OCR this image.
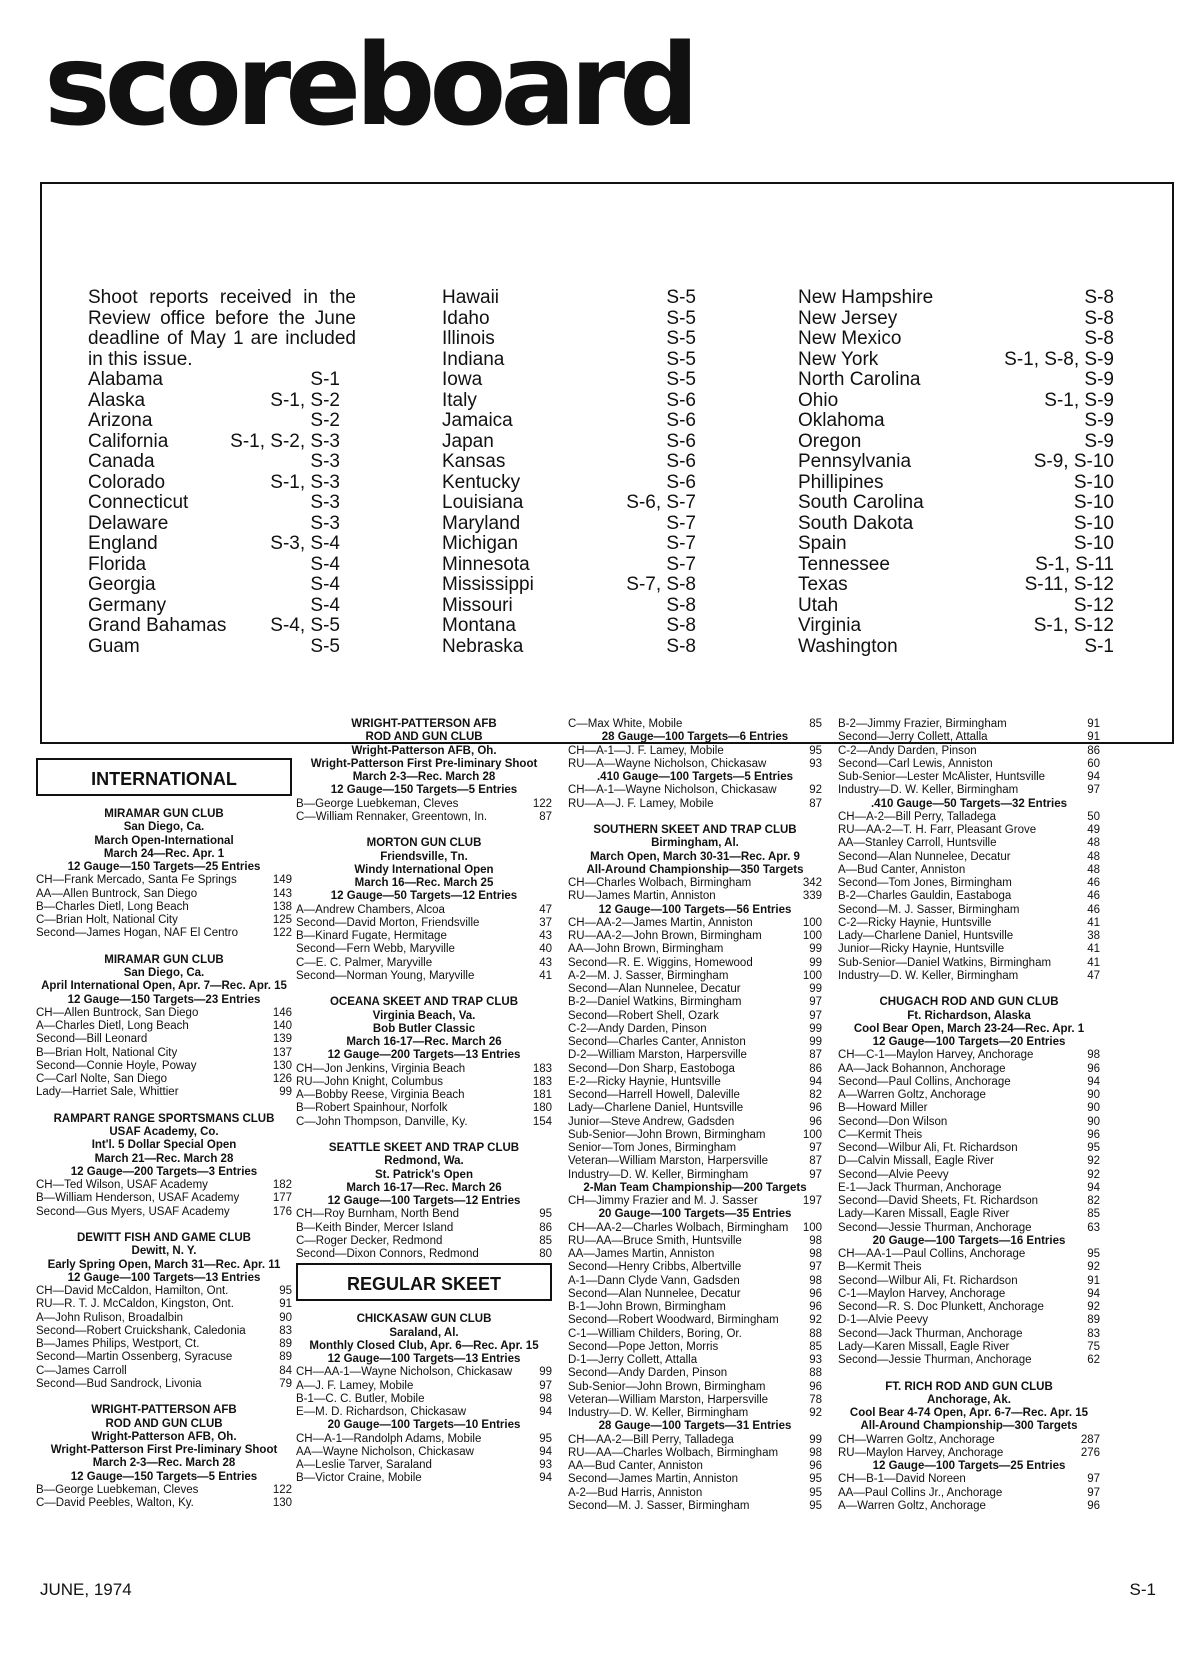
scoreboard
Shoot reports received in the Review office before the June deadline of May 1 are included in this issue.
Alabama	S-1
Alaska	S-1, S-2
Arizona	S-2
California	S-1, S-2, S-3
Canada	S-3
Colorado	S-1, S-3
Connecticut	S-3
Delaware	S-3
England	S-3, S-4
Florida	S-4
Georgia	S-4
Germany	S-4
Grand Bahamas S-4, S-5
Guam	S-5
Hawaii	S-5
Idaho	S-5
Illinois	S-5
Indiana	S-5
Iowa	S-5
Italy	S-6
Jamaica	S-6
Japan	S-6
Kansas	S-6
Kentucky	S-6
Louisiana	S-6, S-7
Maryland	S-7
Michigan	S-7
Minnesota	S-7
Mississippi	S-7, S-8
Missouri	S-8
Montana	S-8
Nebraska	S-8
New Hampshire	S-8
New Jersey	S-8
New Mexico	S-8
New York	S-1, S-8, S-9
North Carolina	S-9
Ohio	S-1, S-9
Oklahoma	S-9
Oregon	S-9
Pennsylvania	S-9, S-10
Phillipines	S-10
South Carolina	S-10
South Dakota	S-10
Spain	S-10
Tennessee	S-1, S-11
Texas	S-11, S-12
Utah	S-12
Virginia	S-1, S-12
Washington	S-1
INTERNATIONAL
MIRAMAR GUN CLUB
San Diego, Ca.
March Open-International
March 24—Rec. Apr. 1
12 Gauge—150 Targets—25 Entries
CH—Frank Mercado, Santa Fe Springs	149
AA—Allen Buntrock, San Diego	143
B—Charles Dietl, Long Beach	138
C—Brian Holt, National City	125
Second—James Hogan, NAF El Centro	122
MIRAMAR GUN CLUB
San Diego, Ca.
April International Open, Apr. 7—Rec. Apr. 15
12 Gauge—150 Targets—23 Entries
CH—Allen Buntrock, San Diego	146
A—Charles Dietl, Long Beach	140
Second—Bill Leonard	139
B—Brian Holt, National City	137
Second—Connie Hoyle, Poway	130
C—Carl Nolte, San Diego	126
Lady—Harriet Sale, Whittier	99
RAMPART RANGE SPORTSMANS CLUB
USAF Academy, Co.
Int'l. 5 Dollar Special Open
March 21—Rec. March 28
12 Gauge—200 Targets—3 Entries
CH—Ted Wilson, USAF Academy	182
B—William Henderson, USAF Academy	177
Second—Gus Myers, USAF Academy	176
DEWITT FISH AND GAME CLUB
Dewitt, N. Y.
Early Spring Open, March 31—Rec. Apr. 11
12 Gauge—100 Targets—13 Entries
CH—David McCaldon, Hamilton, Ont.	95
RU—R. T. J. McCaldon, Kingston, Ont.	91
A—John Rulison, Broadalbin	90
Second—Robert Cruickshank, Caledonia	83
B—James Philips, Westport, Ct.	89
Second—Martin Ossenberg, Syracuse	89
C—James Carroll	84
Second—Bud Sandrock, Livonia	79
WRIGHT-PATTERSON AFB
ROD AND GUN CLUB
Wright-Patterson AFB, Oh.
Wright-Patterson First Pre-liminary Shoot
March 2-3—Rec. March 28
12 Gauge—150 Targets—5 Entries
B—George Luebkeman, Cleves	122
C—David Peebles, Walton, Ky.	130
WRIGHT-PATTERSON AFB
ROD AND GUN CLUB
Wright-Patterson AFB, Oh.
Wright-Patterson First Pre-liminary Shoot
March 2-3—Rec. March 28
12 Gauge—150 Targets—5 Entries
B—George Luebkeman, Cleves	122
C—William Rennaker, Greentown, In.	87
MORTON GUN CLUB
Friendsville, Tn.
Windy International Open
March 16—Rec. March 25
12 Gauge—50 Targets—12 Entries
A—Andrew Chambers, Alcoa	47
Second—David Morton, Friendsville	37
B—Kinard Fugate, Hermitage	43
Second—Fern Webb, Maryville	40
C—E. C. Palmer, Maryville	43
Second—Norman Young, Maryville	41
OCEANA SKEET AND TRAP CLUB
Virginia Beach, Va.
Bob Butler Classic
March 16-17—Rec. March 26
12 Gauge—200 Targets—13 Entries
CH—Jon Jenkins, Virginia Beach	183
RU—John Knight, Columbus	183
A—Bobby Reese, Virginia Beach	181
B—Robert Spainhour, Norfolk	180
C—John Thompson, Danville, Ky.	154
SEATTLE SKEET AND TRAP CLUB
Redmond, Wa.
St. Patrick's Open
March 16-17—Rec. March 26
12 Gauge—100 Targets—12 Entries
CH—Roy Burnham, North Bend	95
B—Keith Binder, Mercer Island	86
C—Roger Decker, Redmond	85
Second—Dixon Connors, Redmond	80
REGULAR SKEET
CHICKASAW GUN CLUB
Saraland, Al.
Monthly Closed Club, Apr. 6—Rec. Apr. 15
12 Gauge—100 Targets—13 Entries
CH—AA-1—Wayne Nicholson, Chickasaw 99
A—J. F. Lamey, Mobile	97
B-1—C. C. Butler, Mobile	98
E—M. D. Richardson, Chickasaw	94
20 Gauge—100 Targets—10 Entries
CH—A-1—Randolph Adams, Mobile	95
AA—Wayne Nicholson, Chickasaw	94
A—Leslie Tarver, Saraland	93
B—Victor Craine, Mobile	94
C—Max White, Mobile	85
28 Gauge—100 Targets—6 Entries
CH—A-1—J. F. Lamey, Mobile	95
RU—A—Wayne Nicholson, Chickasaw	93
.410 Gauge—100 Targets—5 Entries
CH—A-1—Wayne Nicholson, Chickasaw	92
RU—A—J. F. Lamey, Mobile	87
SOUTHERN SKEET AND TRAP CLUB
Birmingham, Al.
March Open, March 30-31—Rec. Apr. 9
All-Around Championship—350 Targets
CH—Charles Wolbach, Birmingham	342
RU—James Martin, Anniston	339
12 Gauge—100 Targets—56 Entries
CH—AA-2—James Martin, Anniston	100
RU—AA-2—John Brown, Birmingham	100
AA—John Brown, Birmingham	99
Second—R. E. Wiggins, Homewood	99
A-2—M. J. Sasser, Birmingham	100
Second—Alan Nunnelee, Decatur	99
B-2—Daniel Watkins, Birmingham	97
Second—Robert Shell, Ozark	97
C-2—Andy Darden, Pinson	99
Second—Charles Canter, Anniston	99
D-2—William Marston, Harpersville	87
Second—Don Sharp, Eastoboga	86
E-2—Ricky Haynie, Huntsville	94
Second—Harrell Howell, Daleville	82
Lady—Charlene Daniel, Huntsville	96
Junior—Steve Andrew, Gadsden	96
Sub-Senior—John Brown, Birmingham	100
Senior—Tom Jones, Birmingham	97
Veteran—William Marston, Harpersville	87
Industry—D. W. Keller, Birmingham	97
2-Man Team Championship—200 Targets
CH—Jimmy Frazier and M. J. Sasser	197
20 Gauge—100 Targets—35 Entries
CH—AA-2—Charles Wolbach, Birmingham 100
RU—AA—Bruce Smith, Huntsville	98
AA—James Martin, Anniston	98
Second—Henry Cribbs, Albertville	97
A-1—Dann Clyde Vann, Gadsden	98
Second—Alan Nunnelee, Decatur	96
B-1—John Brown, Birmingham	96
Second—Robert Woodward, Birmingham	92
C-1—William Childers, Boring, Or.	88
Second—Pope Jetton, Morris	85
D-1—Jerry Collett, Attalla	93
Second—Andy Darden, Pinson	88
Sub-Senior—John Brown, Birmingham	96
Veteran—William Marston, Harpersville	78
Industry—D. W. Keller, Birmingham	92
28 Gauge—100 Targets—31 Entries
CH—AA-2—Bill Perry, Talladega	99
RU—AA—Charles Wolbach, Birmingham	98
AA—Bud Canter, Anniston	96
Second—James Martin, Anniston	95
A-2—Bud Harris, Anniston	95
Second—M. J. Sasser, Birmingham	95
B-2—Jimmy Frazier, Birmingham	91
Second—Jerry Collett, Attalla	91
C-2—Andy Darden, Pinson	86
Second—Carl Lewis, Anniston	60
Sub-Senior—Lester McAlister, Huntsville	94
Industry—D. W. Keller, Birmingham	97
.410 Gauge—50 Targets—32 Entries
CH—A-2—Bill Perry, Talladega	50
RU—AA-2—T. H. Farr, Pleasant Grove	49
AA—Stanley Carroll, Huntsville	48
Second—Alan Nunnelee, Decatur	48
A—Bud Canter, Anniston	48
Second—Tom Jones, Birmingham	46
B-2—Charles Gauldin, Eastaboga	46
Second—M. J. Sasser, Birmingham	46
C-2—Ricky Haynie, Huntsville	41
Lady—Charlene Daniel, Huntsville	38
Junior—Ricky Haynie, Huntsville	41
Sub-Senior—Daniel Watkins, Birmingham	41
Industry—D. W. Keller, Birmingham	47
CHUGACH ROD AND GUN CLUB
Ft. Richardson, Alaska
Cool Bear Open, March 23-24—Rec. Apr. 1
12 Gauge—100 Targets—20 Entries
CH—C-1—Maylon Harvey, Anchorage	98
AA—Jack Bohannon, Anchorage	96
Second—Paul Collins, Anchorage	94
A—Warren Goltz, Anchorage	90
B—Howard Miller	90
Second—Don Wilson	90
C—Kermit Theis	96
Second—Wilbur Ali, Ft. Richardson	95
D—Calvin Missall, Eagle River	92
Second—Alvie Peevy	92
E-1—Jack Thurman, Anchorage	94
Second—David Sheets, Ft. Richardson	82
Lady—Karen Missall, Eagle River	85
Second—Jessie Thurman, Anchorage	63
20 Gauge—100 Targets—16 Entries
CH—AA-1—Paul Collins, Anchorage	95
B—Kermit Theis	92
Second—Wilbur Ali, Ft. Richardson	91
C-1—Maylon Harvey, Anchorage	94
Second—R. S. Doc Plunkett, Anchorage	92
D-1—Alvie Peevy	89
Second—Jack Thurman, Anchorage	83
Lady—Karen Missall, Eagle River	75
Second—Jessie Thurman, Anchorage	62
FT. RICH ROD AND GUN CLUB
Anchorage, Ak.
Cool Bear 4-74 Open, Apr. 6-7—Rec. Apr. 15
All-Around Championship—300 Targets
CH—Warren Goltz, Anchorage	287
RU—Maylon Harvey, Anchorage	276
12 Gauge—100 Targets—25 Entries
CH—B-1—David Noreen	97
AA—Paul Collins Jr., Anchorage	97
A—Warren Goltz, Anchorage	96
JUNE, 1974	S-1
